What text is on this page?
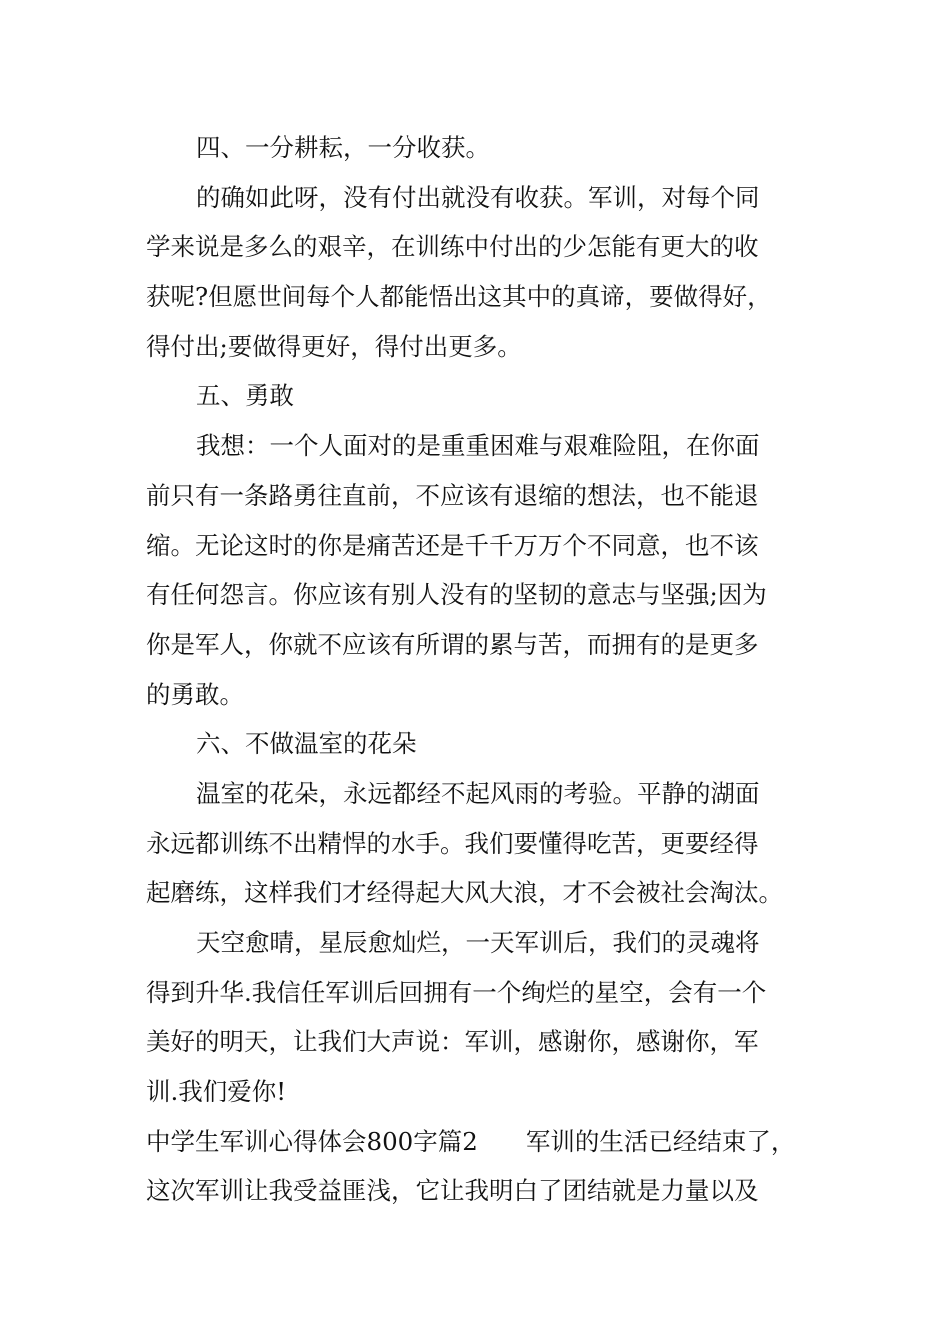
四、一分耕耘，一分收获。
的确如此呀，没有付出就没有收获。军训，对每个同
学来说是多么的艰辛，在训练中付出的少怎能有更大的收
获呢?但愿世间每个人都能悟出这其中的真谛，要做得好，
得付出;要做得更好，得付出更多。
五、勇敢
我想：一个人面对的是重重困难与艰难险阻，在你面
前只有一条路勇往直前，不应该有退缩的想法，也不能退
缩。无论这时的你是痛苦还是千千万万个不同意，也不该
有任何怨言。你应该有别人没有的坚韧的意志与坚强;因为
你是军人，你就不应该有所谓的累与苦，而拥有的是更多
的勇敢。
六、不做温室的花朵
温室的花朵，永远都经不起风雨的考验。平静的湖面
永远都训练不出精悍的水手。我们要懂得吃苦，更要经得
起磨练，这样我们才经得起大风大浪，才不会被社会淘汰。
天空愈晴，星辰愈灿烂，一天军训后，我们的灵魂将
得到升华.我信任军训后回拥有一个绚烂的星空，会有一个
美好的明天，让我们大声说：军训，感谢你，感谢你，军
训.我们爱你!
中学生军训心得体会800字篇2 军训的生活已经结束了，
这次军训让我受益匪浅，它让我明白了团结就是力量以及
